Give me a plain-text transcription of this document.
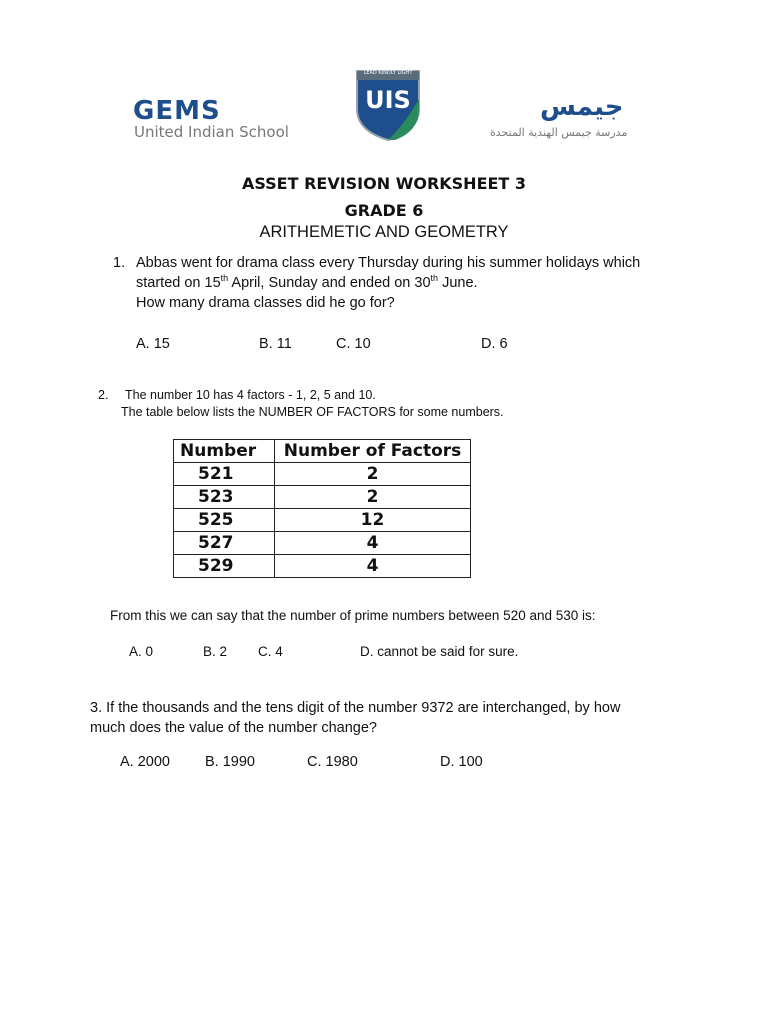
GEMS
United Indian School
LEAD KINDLY LIGHT
UIS	جيمس
مدرسة جيمس الهندية المتحدة
ASSET REVISION WORKSHEET 3
GRADE 6
ARITHEMETIC AND GEOMETRY
1. Abbas went for drama class every Thursday during his summer holidays which
started on 15th April, Sunday and ended on 30th June.
How many drama classes did he go for?
A. 15	B. 11	C. 10	D. 6
2. The number 10 has 4 factors - 1, 2, 5 and 10.
The table below lists the NUMBER OF FACTORS for some numbers.
Number	Number of Factors
521	2
523	2
525	12
527	4
529	4
From this we can say that the number of prime numbers between 520 and 530 is:
A. 0	B. 2 C. 4	D. cannot be said for sure.
3. If the thousands and the tens digit of the number 9372 are interchanged, by how
much does the value of the number change?
A. 2000 B. 1990	C. 1980	D. 100
